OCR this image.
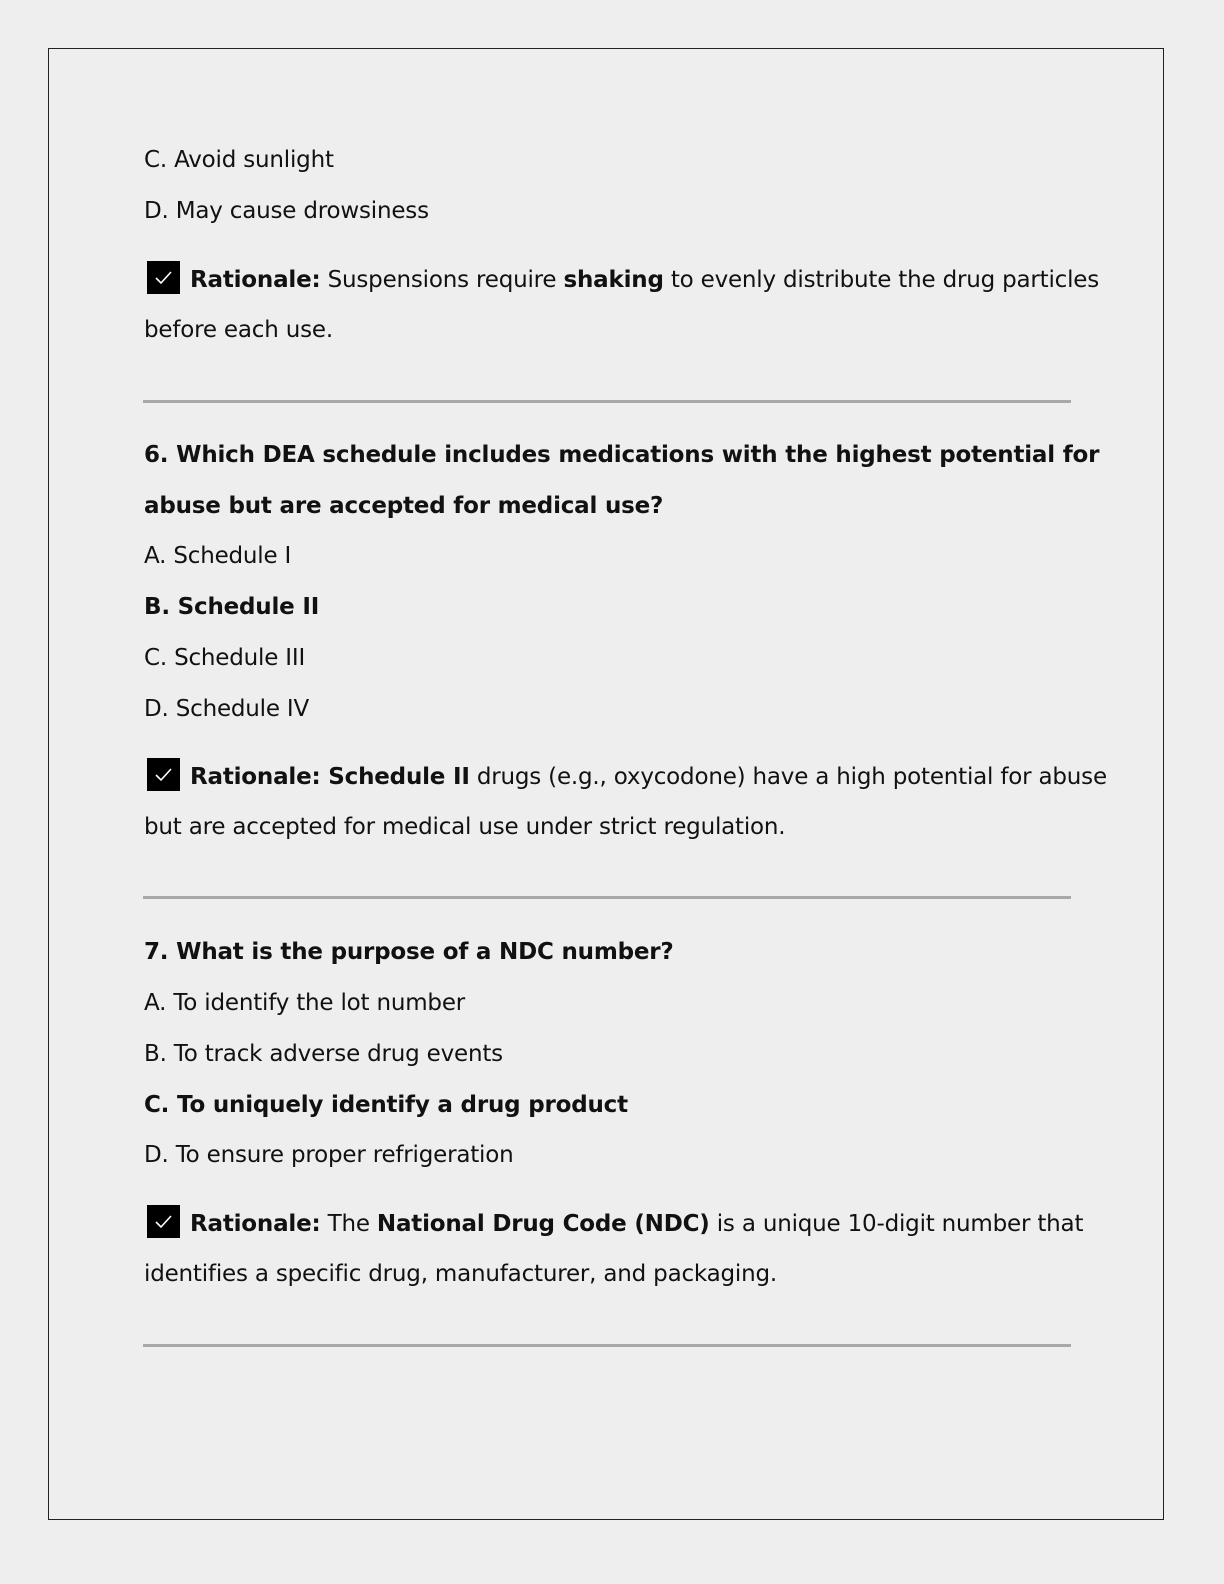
C. Avoid sunlight
D. May cause drowsiness
Rationale: Suspensions require shaking to evenly distribute the drug particles
before each use.
6. Which DEA schedule includes medications with the highest potential for
abuse but are accepted for medical use?
A. Schedule I
B. Schedule II
C. Schedule III
D. Schedule IV
Rationale: Schedule II drugs (e.g., oxycodone) have a high potential for abuse
but are accepted for medical use under strict regulation.
7. What is the purpose of a NDC number?
A. To identify the lot number
B. To track adverse drug events
C. To uniquely identify a drug product
D. To ensure proper refrigeration
Rationale: The National Drug Code (NDC) is a unique 10-digit number that
identifies a specific drug, manufacturer, and packaging.
